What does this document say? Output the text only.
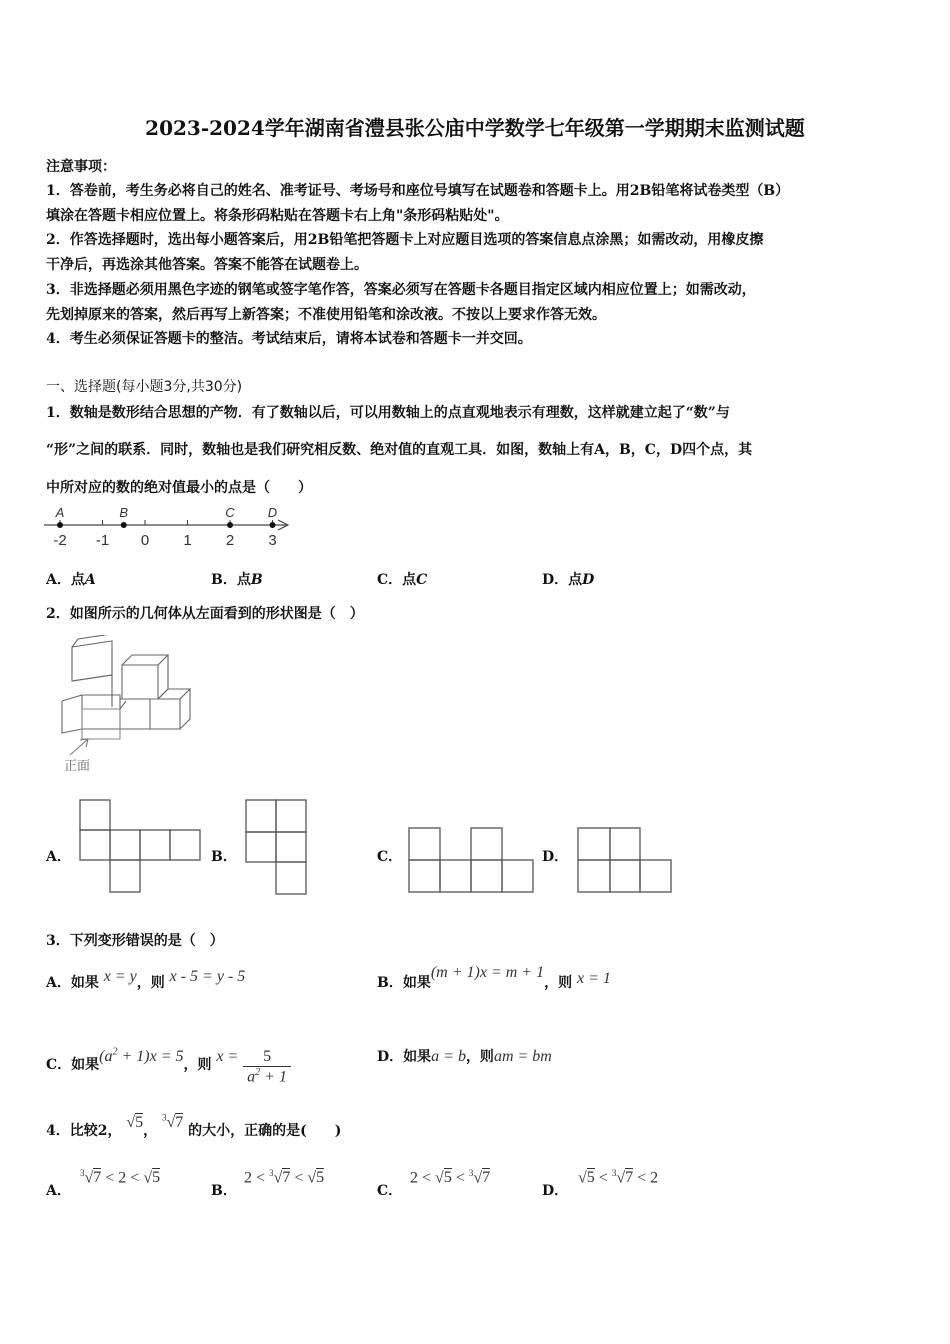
2023-2024学年湖南省澧县张公庙中学数学七年级第一学期期末监测试题
注意事项：
1．答卷前，考生务必将自己的姓名、准考证号、考场号和座位号填写在试题卷和答题卡上。用2B铅笔将试卷类型（B）
填涂在答题卡相应位置上。将条形码粘贴在答题卡右上角"条形码粘贴处"。
2．作答选择题时，选出每小题答案后，用2B铅笔把答题卡上对应题目选项的答案信息点涂黑；如需改动，用橡皮擦
干净后，再选涂其他答案。答案不能答在试题卷上。
3．非选择题必须用黑色字迹的钢笔或签字笔作答，答案必须写在答题卡各题目指定区域内相应位置上；如需改动，
先划掉原来的答案，然后再写上新答案；不准使用铅笔和涂改液。不按以上要求作答无效。
4．考生必须保证答题卡的整洁。考试结束后，请将本试卷和答题卡一并交回。
一、选择题(每小题3分,共30分)
1．数轴是数形结合思想的产物．有了数轴以后，可以用数轴上的点直观地表示有理数，这样就建立起了“数”与
“形”之间的联系．同时，数轴也是我们研究相反数、绝对值的直观工具．如图，数轴上有A，B，C，D四个点，其
中所对应的数的绝对值最小的点是（　　）
-2 -1 0 1 2 3
A	B	C	D
A．点A	B．点B	C．点C	D．点D
2．如图所示的几何体从左面看到的形状图是（　）
正面
A．	B．	C．	D．
3．下列变形错误的是（　）
A．如果 x = y，则 x - 5 = y - 5	B．如果(m + 1)x = m + 1，则 x = 1
C．如果$(a^2 + 1)x = 5$，则 $x = \frac{5}{a^2 + 1}$	D．如果a = b，则am = bm
4．比较2， √5， $^3$√7 的大小，正确的是(　　)
A．
$^3$√7 < 2 < √5
B．
2 < $^3$√7 < √5
C．
2 < √5 < $^3$√7
D．
√5 < $^3$√7 < 2
